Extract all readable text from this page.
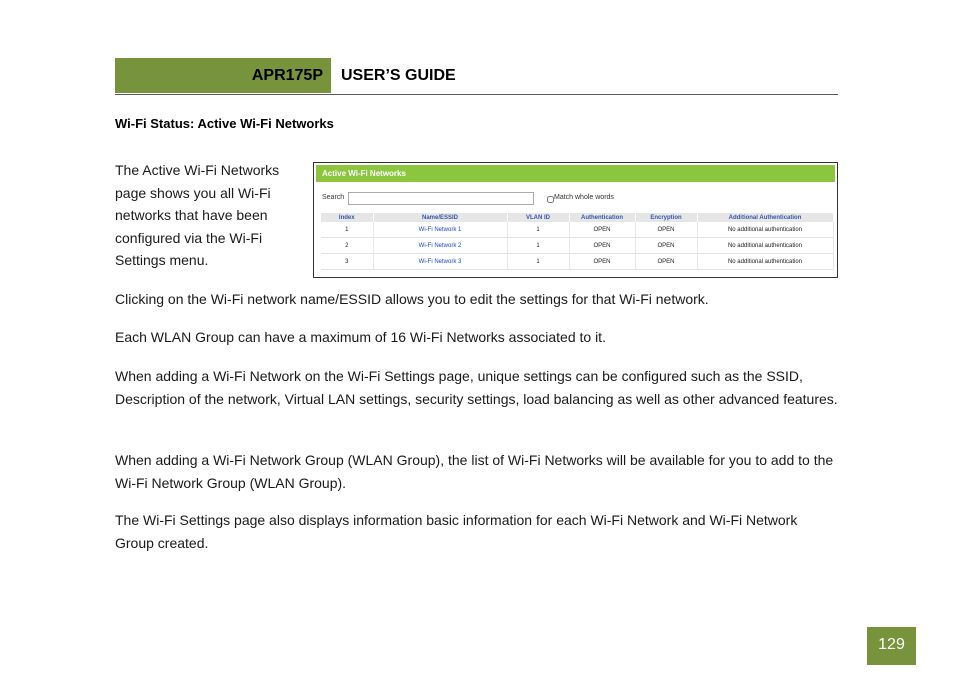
APR175P	USER’S GUIDE
Wi-Fi Status: Active Wi-Fi Networks
The Active Wi-Fi Networks page shows you all Wi-Fi networks that have been configured via the Wi-Fi Settings menu.
Active Wi-Fi Networks
Search	Match whole words
Index	Name/ESSID	VLAN ID	Authentication	Encryption	Additional Authentication
1	Wi-Fi Network 1	1	OPEN	OPEN	No additional authentication
2	Wi-Fi Network 2	1	OPEN	OPEN	No additional authentication
3	Wi-Fi Network 3	1	OPEN	OPEN	No additional authentication
Clicking on the Wi-Fi network name/ESSID allows you to edit the settings for that Wi-Fi network.
Each WLAN Group can have a maximum of 16 Wi-Fi Networks associated to it.
When adding a Wi-Fi Network on the Wi-Fi Settings page, unique settings can be configured such as the SSID, Description of the network, Virtual LAN settings, security settings, load balancing as well as other advanced features.
When adding a Wi-Fi Network Group (WLAN Group), the list of Wi-Fi Networks will be available for you to add to the Wi-Fi Network Group (WLAN Group).
The Wi-Fi Settings page also displays information basic information for each Wi-Fi Network and Wi-Fi Network Group created.
129
